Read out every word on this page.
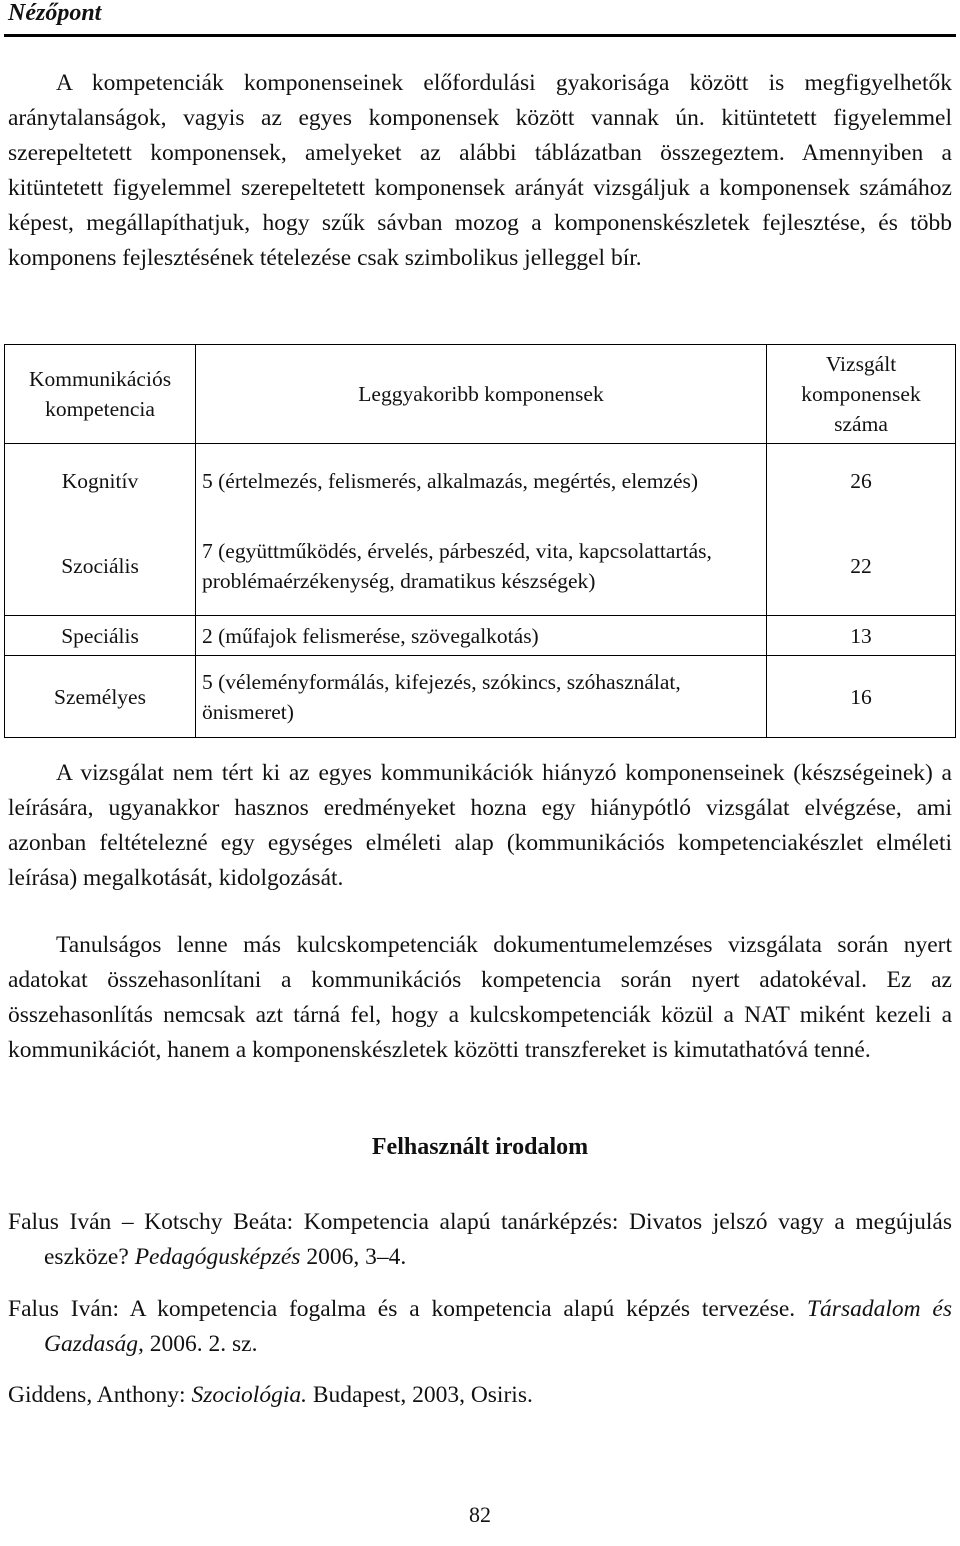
Nézőpont

A kompetenciák komponenseinek előfordulási gyakorisága között is megfigyelhetők aránytalanságok, vagyis az egyes komponensek között vannak ún. kitüntetett figyelemmel szerepeltetett komponensek, amelyeket az alábbi táblázatban összegeztem. Amennyiben a kitüntetett figyelemmel szerepeltetett komponensek arányát vizsgáljuk a komponensek számához képest, megállapíthatjuk, hogy szűk sávban mozog a komponenskészletek fejlesztése, és több komponens fejlesztésének tételezése csak szimbolikus jelleggel bír.

Kommunikációs kompetencia	Leggyakoribb komponensek	Vizsgált komponensek száma
Kognitív	5 (értelmezés, felismerés, alkalmazás, megértés, elemzés)	26
Szociális	7 (együttműködés, érvelés, párbeszéd, vita, kapcsolattartás, problémaérzékenység, dramatikus készségek)	22
Speciális	2 (műfajok felismerése, szövegalkotás)	13
Személyes	5 (véleményformálás, kifejezés, szókincs, szóhasználat, önismeret)	16

A vizsgálat nem tért ki az egyes kommunikációk hiányzó komponenseinek (készségeinek) a leírására, ugyanakkor hasznos eredményeket hozna egy hiánypótló vizsgálat elvégzése, ami azonban feltételezné egy egységes elméleti alap (kommunikációs kompetenciakészlet elméleti leírása) megalkotását, kidolgozását.

Tanulságos lenne más kulcskompetenciák dokumentumelemzéses vizsgálata során nyert adatokat összehasonlítani a kommunikációs kompetencia során nyert adatokéval. Ez az összehasonlítás nemcsak azt tárná fel, hogy a kulcskompetenciák közül a NAT miként kezeli a kommunikációt, hanem a komponenskészletek közötti transzfereket is kimutathatóvá tenné.

Felhasznált irodalom

Falus Iván – Kotschy Beáta: Kompetencia alapú tanárképzés: Divatos jelszó vagy a megújulás eszköze? Pedagógusképzés 2006, 3–4.

Falus Iván: A kompetencia fogalma és a kompetencia alapú képzés tervezése. Társadalom és Gazdaság, 2006. 2. sz.

Giddens, Anthony: Szociológia. Budapest, 2003, Osiris.

82
